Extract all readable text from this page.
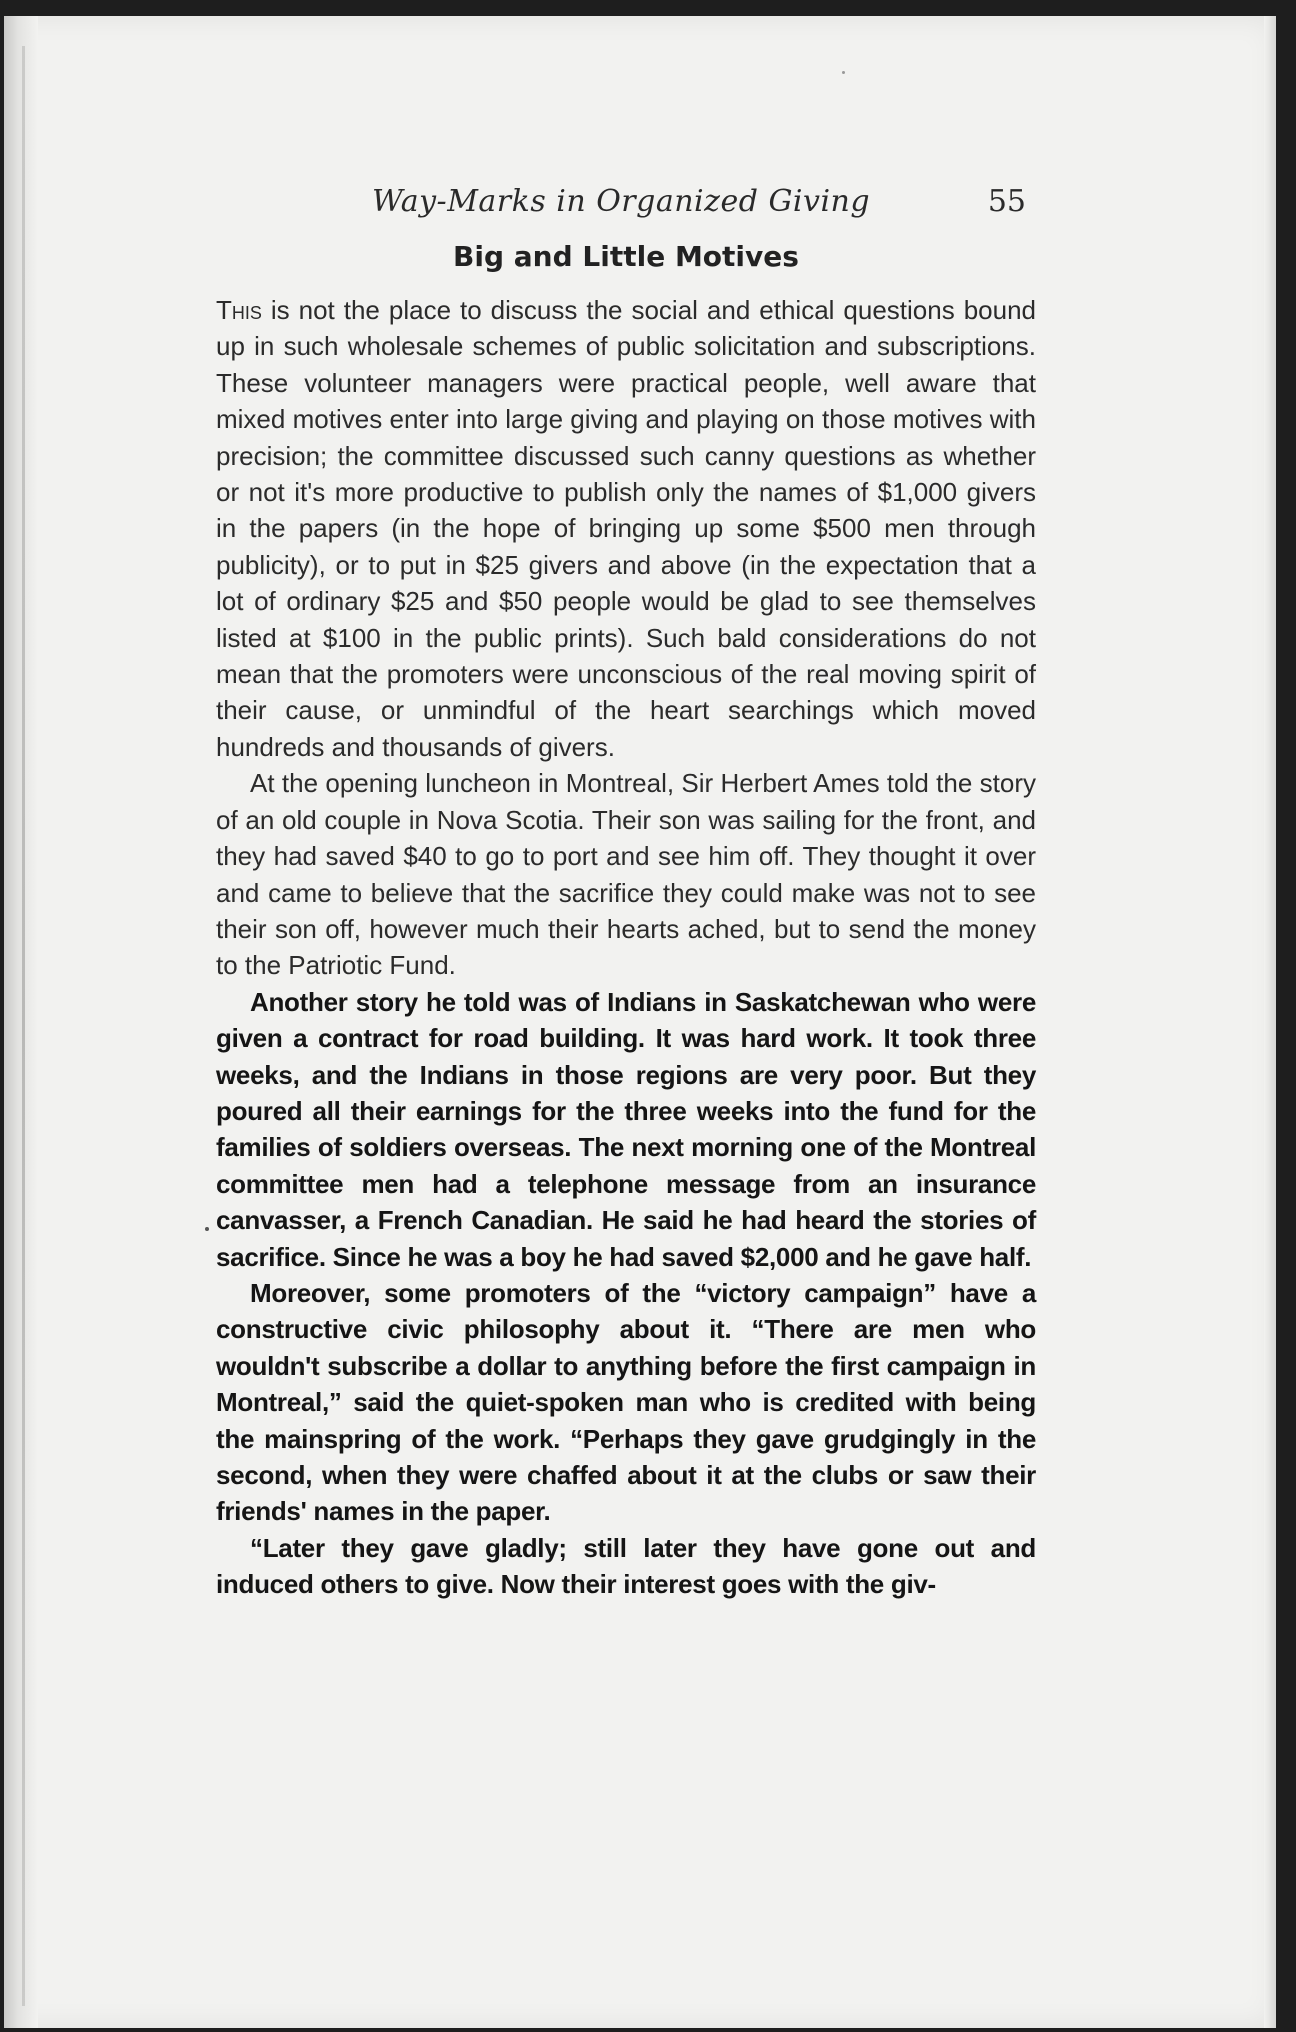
Way-Marks in Organized Giving	55
Big and Little Motives

This is not the place to discuss the social and ethical questions bound up in such wholesale schemes of public solicitation and subscriptions. These volunteer managers were practical people, well aware that mixed motives enter into large giving and playing on those motives with precision; the committee discussed such canny questions as whether or not it's more productive to publish only the names of $1,000 givers in the papers (in the hope of bringing up some $500 men through publicity), or to put in $25 givers and above (in the expectation that a lot of ordinary $25 and $50 people would be glad to see themselves listed at $100 in the public prints). Such bald considerations do not mean that the promoters were unconscious of the real moving spirit of their cause, or unmindful of the heart searchings which moved hundreds and thousands of givers.

At the opening luncheon in Montreal, Sir Herbert Ames told the story of an old couple in Nova Scotia. Their son was sailing for the front, and they had saved $40 to go to port and see him off. They thought it over and came to believe that the sacrifice they could make was not to see their son off, however much their hearts ached, but to send the money to the Patriotic Fund.

Another story he told was of Indians in Saskatchewan who were given a contract for road building. It was hard work. It took three weeks, and the Indians in those regions are very poor. But they poured all their earnings for the three weeks into the fund for the families of soldiers overseas. The next morning one of the Montreal committee men had a telephone message from an insurance canvasser, a French Canadian. He said he had heard the stories of sacrifice. Since he was a boy he had saved $2,000 and he gave half.

Moreover, some promoters of the “victory campaign” have a constructive civic philosophy about it. “There are men who wouldn't subscribe a dollar to anything before the first campaign in Montreal,” said the quiet-spoken man who is credited with being the mainspring of the work. “Perhaps they gave grudgingly in the second, when they were chaffed about it at the clubs or saw their friends' names in the paper.

“Later they gave gladly; still later they have gone out and induced others to give. Now their interest goes with the giv-
